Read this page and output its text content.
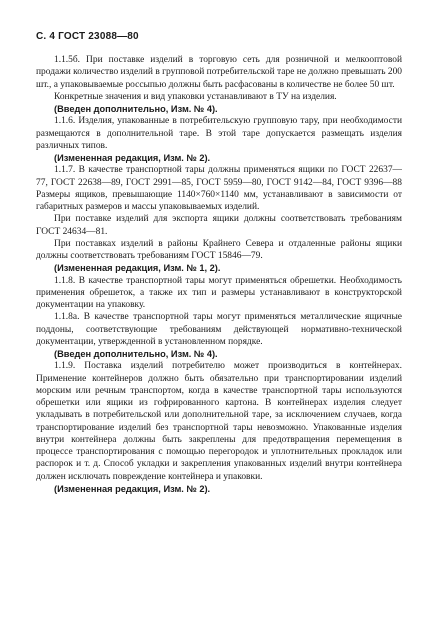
С. 4 ГОСТ 23088—80

1.1.5б. При поставке изделий в торговую сеть для розничной и мелкооптовой продажи количество изделий в групповой потребительской таре не должно превышать 200 шт., а упаковываемые россыпью должны быть расфасованы в количестве не более 50 шт.

Конкретные значения и вид упаковки устанавливают в ТУ на изделия.

(Введен дополнительно, Изм. № 4).

1.1.6. Изделия, упакованные в потребительскую групповую тару, при необходимости размещаются в дополнительной таре. В этой таре допускается размещать изделия различных типов.

(Измененная редакция, Изм. № 2).

1.1.7. В качестве транспортной тары должны применяться ящики по ГОСТ 22637—77, ГОСТ 22638—89, ГОСТ 2991—85, ГОСТ 5959—80, ГОСТ 9142—84, ГОСТ 9396—88 Размеры ящиков, превышающие 1140×760×1140 мм, устанавливают в зависимости от габаритных размеров и массы упаковываемых изделий.

При поставке изделий для экспорта ящики должны соответствовать требованиям ГОСТ 24634—81.

При поставках изделий в районы Крайнего Севера и отдаленные районы ящики должны соответствовать требованиям ГОСТ 15846—79.

(Измененная редакция, Изм. № 1, 2).

1.1.8. В качестве транспортной тары могут применяться обрешетки. Необходимость применения обрешеток, а также их тип и размеры устанавливают в конструкторской документации на упаковку.

1.1.8а. В качестве транспортной тары могут применяться металлические ящичные поддоны, соответствующие требованиям действующей нормативно-технической документации, утвержденной в установленном порядке.

(Введен дополнительно, Изм. № 4).

1.1.9. Поставка изделий потребителю может производиться в контейнерах. Применение контейнеров должно быть обязательно при транспортировании изделий морским или речным транспортом, когда в качестве транспортной тары используются обрешетки или ящики из гофрированного картона. В контейнерах изделия следует укладывать в потребительской или дополнительной таре, за исключением случаев, когда транспортирование изделий без транспортной тары невозможно. Упакованные изделия внутри контейнера должны быть закреплены для предотвращения перемещения в процессе транспортирования с помощью перегородок и уплотнительных прокладок или распорок и т. д. Способ укладки и закрепления упакованных изделий внутри контейнера должен исключать повреждение контейнера и упаковки.

(Измененная редакция, Изм. № 2).
